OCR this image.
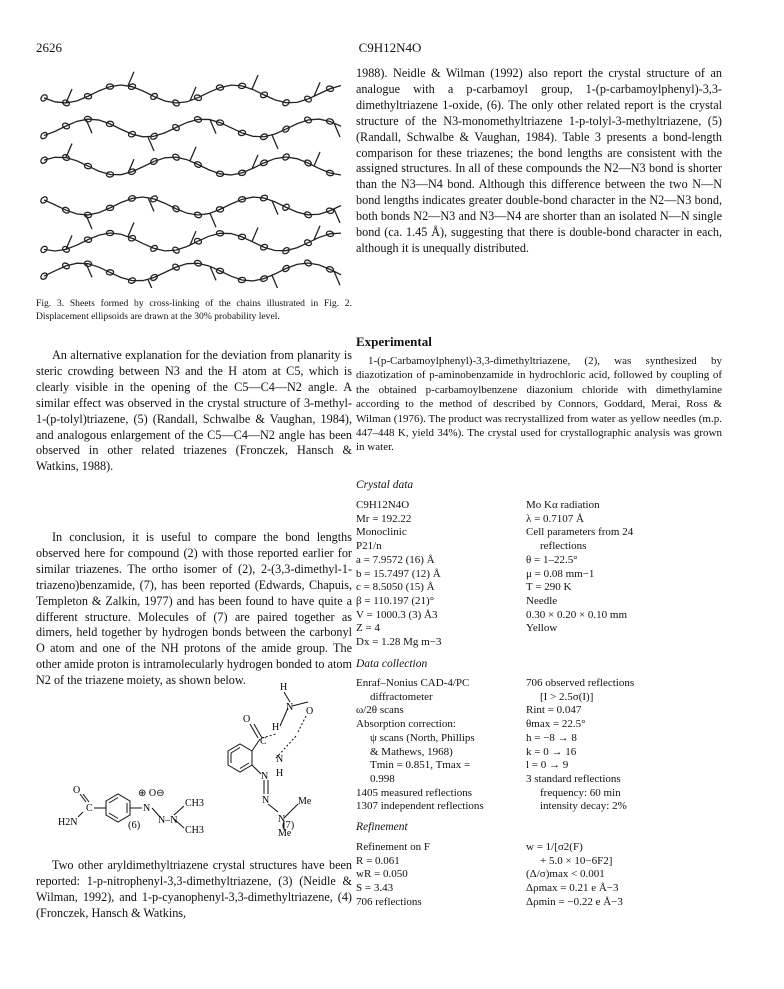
2626	C9H12N4O
Fig. 3. Sheets formed by cross-linking of the chains illustrated in Fig. 2. Displacement ellipsoids are drawn at the 30% probability level.

An alternative explanation for the deviation from planarity is steric crowding between N3 and the H atom at C5, which is clearly visible in the opening of the C5—C4—N2 angle. A similar effect was observed in the crystal structure of 3-methyl-1-(p-tolyl)triazene, (5) (Randall, Schwalbe & Vaughan, 1984), and analogous enlargement of the C5—C4—N2 angle has been observed in other related triazenes (Fronczek, Hansch & Watkins, 1988).

In conclusion, it is useful to compare the bond lengths observed here for compound (2) with those reported earlier for similar triazenes. The ortho isomer of (2), 2-(3,3-dimethyl-1-triazeno)benzamide, (7), has been reported (Edwards, Chapuis, Templeton & Zalkin, 1977) and has been found to have quite a different structure. Molecules of (7) are paired together as dimers, held together by hydrogen bonds between the carbonyl O atom and one of the NH protons of the amide group. The other amide proton is intramolecularly hydrogen bonded to atom N2 of the triazene moiety, as shown below.

O
C
H2N
N
⊕ O⊖
N–N
CH3
CH3
H
N O
H
O
C
N
H
N
N
N
Me
Me
(6)	(7)

Two other aryldimethyltriazene crystal structures have been reported: 1-p-nitrophenyl-3,3-dimethyltriazene, (3) (Neidle & Wilman, 1992), and 1-p-cyanophenyl-3,3-dimethyltriazene, (4) (Fronczek, Hansch & Watkins,

1988). Neidle & Wilman (1992) also report the crystal structure of an analogue with a p-carbamoyl group, 1-(p-carbamoylphenyl)-3,3-dimethyltriazene 1-oxide, (6). The only other related report is the crystal structure of the N3-monomethyltriazene 1-p-tolyl-3-methyltriazene, (5) (Randall, Schwalbe & Vaughan, 1984). Table 3 presents a bond-length comparison for these triazenes; the bond lengths are consistent with the assigned structures. In all of these compounds the N2—N3 bond is shorter than the N3—N4 bond. Although this difference between the two N—N bond lengths indicates greater double-bond character in the N2—N3 bond, both bonds N2—N3 and N3—N4 are shorter than an isolated N—N single bond (ca. 1.45 Å), suggesting that there is double-bond character in each, although it is unequally distributed.

Experimental

1-(p-Carbamoylphenyl)-3,3-dimethyltriazene, (2), was synthesized by diazotization of p-aminobenzamide in hydrochloric acid, followed by coupling of the obtained p-carbamoylbenzene diazonium chloride with dimethylamine according to the method of described by Connors, Goddard, Merai, Ross & Wilman (1976). The product was recrystallized from water as yellow needles (m.p. 447–448 K, yield 34%). The crystal used for crystallographic analysis was grown in water.

Crystal data
C9H12N4O
Mr = 192.22
Monoclinic
P21/n
a = 7.9572 (16) Å
b = 15.7497 (12) Å
c = 8.5050 (15) Å
β = 110.197 (21)°
V = 1000.3 (3) Å3
Z = 4
Dx = 1.28 Mg m−3
Mo Kα radiation
λ = 0.7107 Å
Cell parameters from 24
reflections
θ = 1–22.5°
μ = 0.08 mm−1
T = 290 K
Needle
0.30 × 0.20 × 0.10 mm
Yellow
Data collection
Enraf–Nonius CAD-4/PC
diffractometer
ω/2θ scans
Absorption correction:
ψ scans (North, Phillips
& Mathews, 1968)
Tmin = 0.851, Tmax =
0.998
1405 measured reflections
1307 independent reflections
706 observed reflections
[I > 2.5σ(I)]
Rint = 0.047
θmax = 22.5°
h = −8 → 8
k = 0 → 16
l = 0 → 9
3 standard reflections
frequency: 60 min
intensity decay: 2%
Refinement
Refinement on F
R = 0.061
wR = 0.050
S = 3.43
706 reflections
w = 1/[σ2(F)
+ 5.0 × 10−6F2]
(Δ/σ)max < 0.001
Δρmax = 0.21 e Å−3
Δρmin = −0.22 e Å−3
